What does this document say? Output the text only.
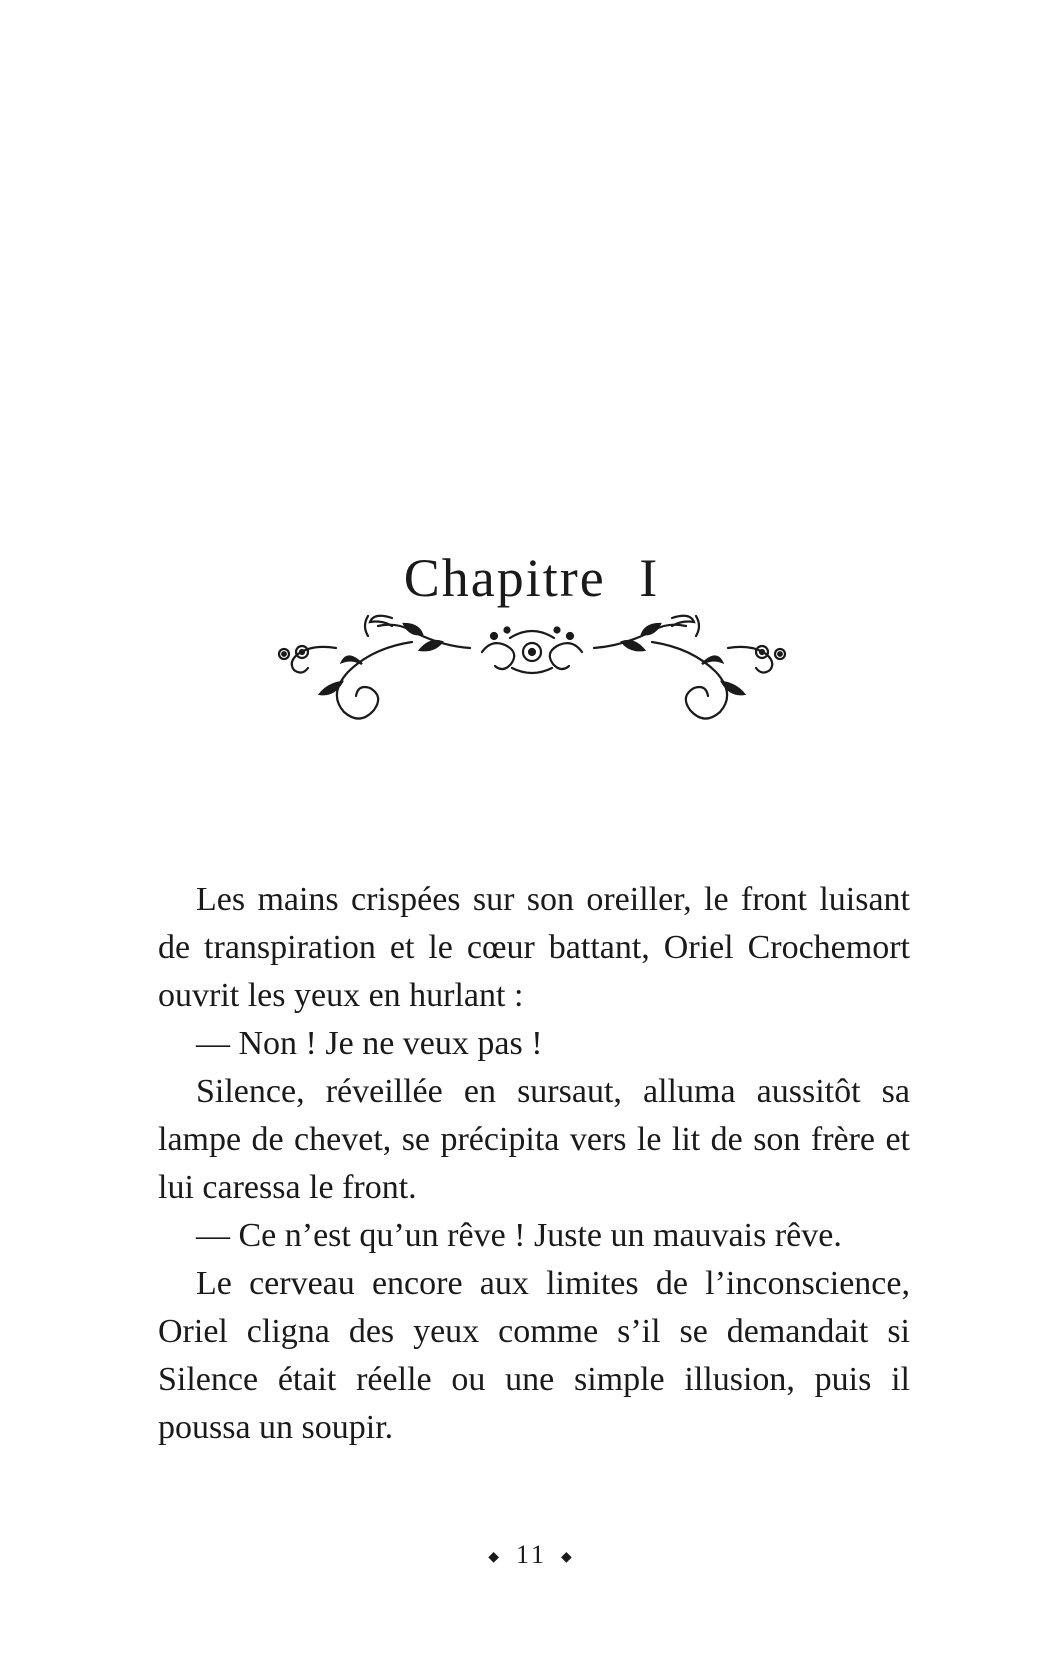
Chapitre I

Les mains crispées sur son oreiller, le front luisant de transpiration et le cœur battant, Oriel Crochemort ouvrit les yeux en hurlant :

— Non ! Je ne veux pas !

Silence, réveillée en sursaut, alluma aussitôt sa lampe de chevet, se précipita vers le lit de son frère et lui caressa le front.

— Ce n’est qu’un rêve ! Juste un mauvais rêve.

Le cerveau encore aux limites de l’inconscience, Oriel cligna des yeux comme s’il se demandait si Silence était réelle ou une simple illusion, puis il poussa un soupir.

◆ 11 ◆
